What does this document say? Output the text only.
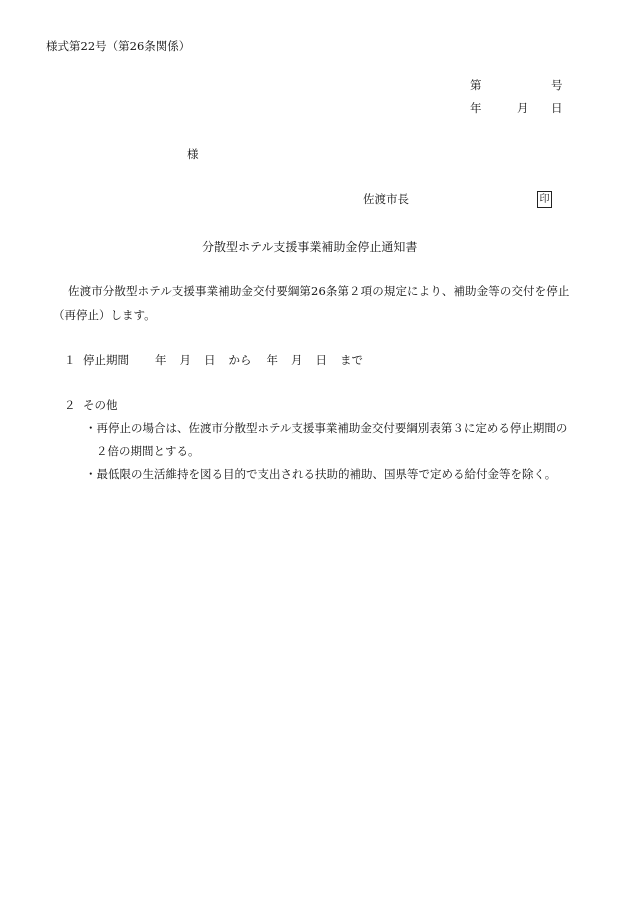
様式第22号（第26条関係）
第	号
年	月 日
様
佐渡市長	印
分散型ホテル支援事業補助金停止通知書
佐渡市分散型ホテル支援事業補助金交付要綱第26条第２項の規定により、補助金等の交付を停止
（再停止）します。
１ 停止期間 年 月 日 から 年 月 日 まで
２ その他
・再停止の場合は、佐渡市分散型ホテル支援事業補助金交付要綱別表第３に定める停止期間の
２倍の期間とする。
・最低限の生活維持を図る目的で支出される扶助的補助、国県等で定める給付金等を除く。
